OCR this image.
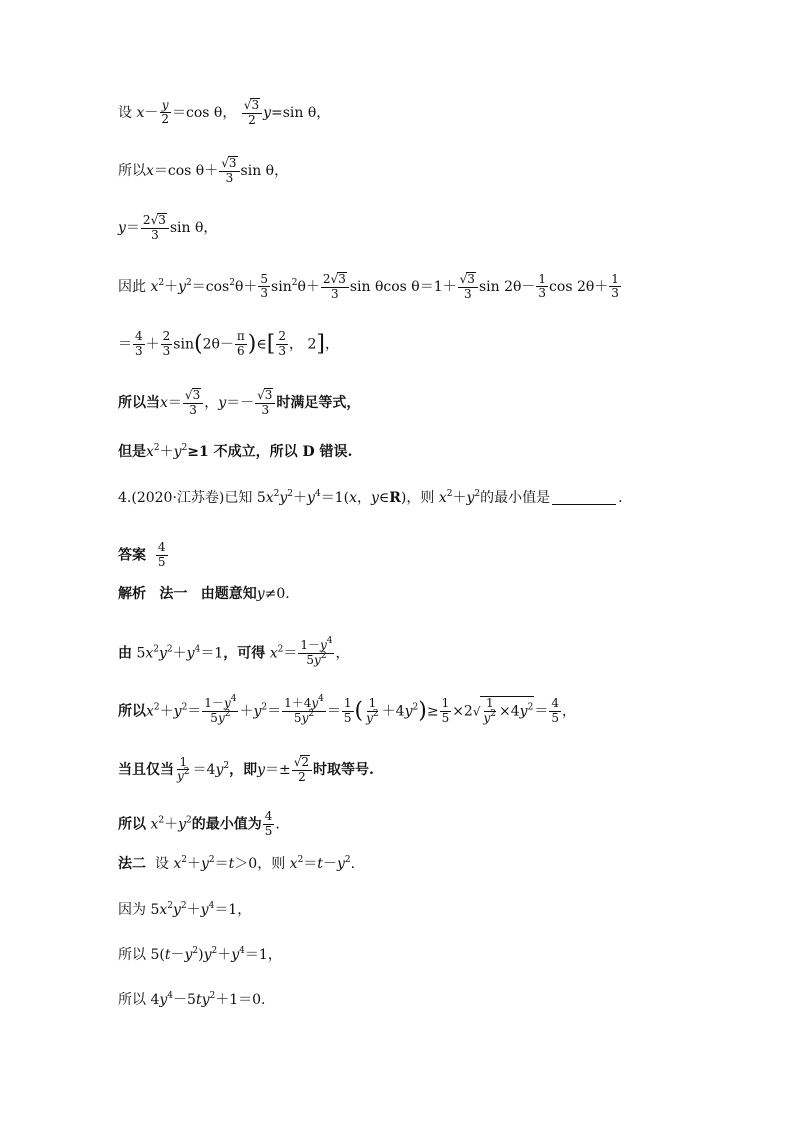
设 $x- \frac{y}{2} =\cos$ θ， $\frac{√3}{2} y=\sin$ θ，
所以x＝cos $\theta+ \frac{√3}{3}$ sin θ，
$y= \frac{2√3}{3}$ sin θ，
因此 $x^2+y^2=\cos^2\theta+ \frac{5}{3} \sin^2\theta+ \frac{2√3}{3}$ sin θcos $\theta=1+ \frac{√3}{3}$ $\sin 2\theta- \frac{1}{3}$ $\cos 2\theta+ \frac{1}{3}$
＝ $\frac{4}{3} + \frac{2}{3} \sin(2\theta- \frac{\pi}{6}$ )∈[ $\frac{2}{3}$ ， 2]，
所以当$x= \frac{√3}{3}$ ，$y=- \frac{√3}{3}$ 时满足等式，
但是$x^2+y^2\ge 1$ 不成立，所以 D 错误.
4.(2020·江苏卷)已知 $5x^2y^2+y^4=1(x$，y∈R)，则 $x^2+y^2$的最小值是	.
答案 $\frac{4}{5}$
解析 法一 由题意知y≠0.
由 $5x^2y^2+y^4=1$，可得 $x^2= \frac{1-y^4}{5y^2}$ ，
所以$x^2+y^2= \frac{1-y^4}{5y^2} +y^2= \frac{1+4y^4}{5y^2} = \frac{1}{5}$ ( $\frac{1}{y^2} +4y^2)\ge \frac{1}{5} \times 2√ \frac{1}{y^2} \times 4y^2= \frac{4}{5}$ ，
当且仅当 $\frac{1}{y^2} =4y^2$，即$y=\pm \frac{√2}{2}$ 时取等号.
所以 $x^2+y^2$的最小值为 $\frac{4}{5}$ .
法二 设 $x^2+y^2=t>0$，则 $x^2=t-y^2$.
因为 $5x^2y^2+y^4=1$，
所以 $5(t-y^2)y^2+y^4=1$，
所以 $4y^4-5ty^2+1=0$.
